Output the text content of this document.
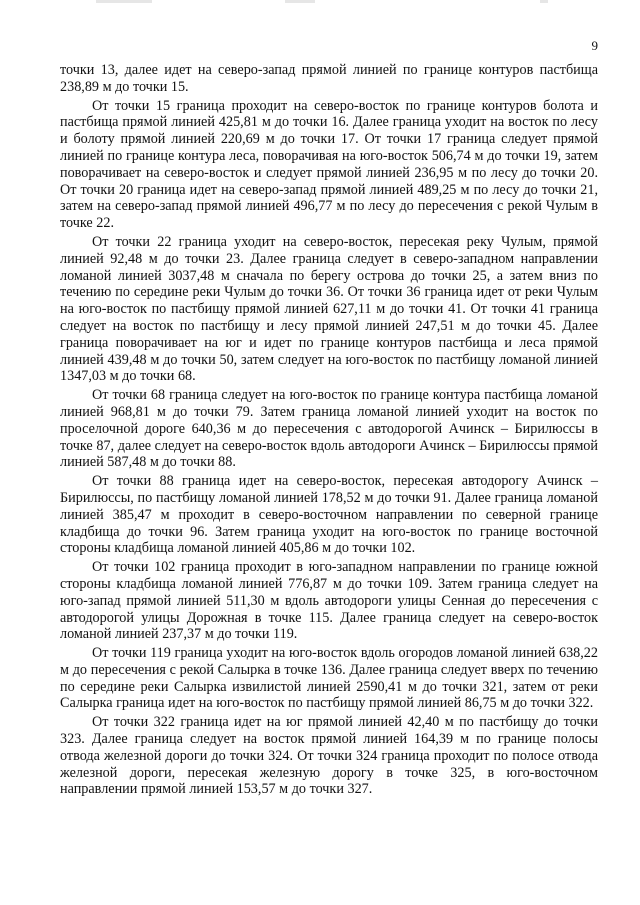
9

точки 13, далее идет на северо-запад прямой линией по границе контуров пастбища 238,89 м до точки 15.

От точки 15 граница проходит на северо-восток по границе контуров болота и пастбища прямой линией 425,81 м до точки 16. Далее граница уходит на восток по лесу и болоту прямой линией 220,69 м до точки 17. От точки 17 граница следует прямой линией по границе контура леса, поворачивая на юго-восток 506,74 м до точки 19, затем поворачивает на северо-восток и следует прямой линией 236,95 м по лесу до точки 20. От точки 20 граница идет на северо-запад прямой линией 489,25 м по лесу до точки 21, затем на северо-запад прямой линией 496,77 м по лесу до пересечения с рекой Чулым в точке 22.

От точки 22 граница уходит на северо-восток, пересекая реку Чулым, прямой линией 92,48 м до точки 23. Далее граница следует в северо-западном направлении ломаной линией 3037,48 м сначала по берегу острова до точки 25, а затем вниз по течению по середине реки Чулым до точки 36. От точки 36 граница идет от реки Чулым на юго-восток по пастбищу прямой линией 627,11 м до точки 41. От точки 41 граница следует на восток по пастбищу и лесу прямой линией 247,51 м до точки 45. Далее граница поворачивает на юг и идет по границе контуров пастбища и леса прямой линией 439,48 м до точки 50, затем следует на юго-восток по пастбищу ломаной линией 1347,03 м до точки 68.

От точки 68 граница следует на юго-восток по границе контура пастбища ломаной линией 968,81 м до точки 79. Затем граница ломаной линией уходит на восток по проселочной дороге 640,36 м до пересечения с автодорогой Ачинск – Бирилюссы в точке 87, далее следует на северо-восток вдоль автодороги Ачинск – Бирилюссы прямой линией 587,48 м до точки 88.

От точки 88 граница идет на северо-восток, пересекая автодорогу Ачинск – Бирилюссы, по пастбищу ломаной линией 178,52 м до точки 91. Далее граница ломаной линией 385,47 м проходит в северо-восточном направлении по северной границе кладбища до точки 96. Затем граница уходит на юго-восток по границе восточной стороны кладбища ломаной линией 405,86 м до точки 102.

От точки 102 граница проходит в юго-западном направлении по границе южной стороны кладбища ломаной линией 776,87 м до точки 109. Затем граница следует на юго-запад прямой линией 511,30 м вдоль автодороги улицы Сенная до пересечения с автодорогой улицы Дорожная в точке 115. Далее граница следует на северо-восток ломаной линией 237,37 м до точки 119.

От точки 119 граница уходит на юго-восток вдоль огородов ломаной линией 638,22 м до пересечения с рекой Салырка в точке 136. Далее граница следует вверх по течению по середине реки Салырка извилистой линией 2590,41 м до точки 321, затем от реки Салырка граница идет на юго-восток по пастбищу прямой линией 86,75 м до точки 322.

От точки 322 граница идет на юг прямой линией 42,40 м по пастбищу до точки 323. Далее граница следует на восток прямой линией 164,39 м по границе полосы отвода железной дороги до точки 324. От точки 324 граница проходит по полосе отвода железной дороги, пересекая железную дорогу в точке 325, в юго-восточном направлении прямой линией 153,57 м до точки 327.
